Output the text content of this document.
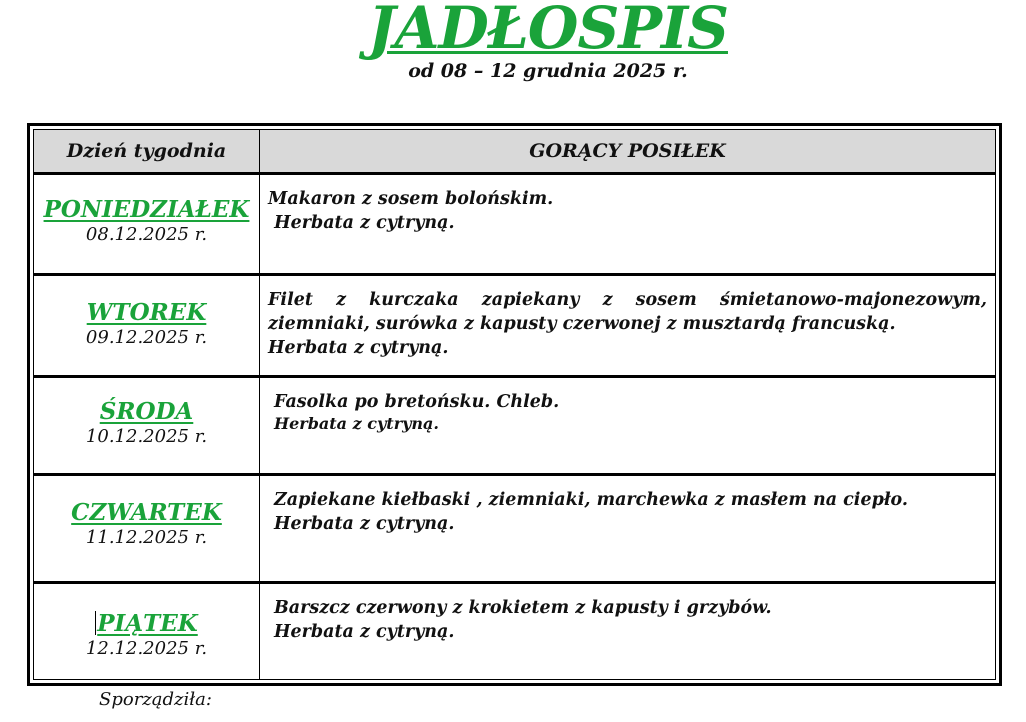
JADŁOSPIS
od 08 – 12 grudnia 2025 r.
Dzień tygodnia	GORĄCY POSIŁEK
PONIEDZIAŁEK
08.12.2025 r.
Makaron z sosem bolońskim.
Herbata z cytryną.
WTOREK
09.12.2025 r.
Filet z kurczaka zapiekany z sosem śmietanowo-majonezowym, ziemniaki, surówka z kapusty czerwonej z musztardą francuską.
Herbata z cytryną.
ŚRODA
10.12.2025 r.
Fasolka po bretońsku. Chleb.
Herbata z cytryną.
CZWARTEK
11.12.2025 r.
Zapiekane kiełbaski , ziemniaki, marchewka z masłem na ciepło.
Herbata z cytryną.
PIĄTEK
12.12.2025 r.
Barszcz czerwony z krokietem z kapusty i grzybów.
Herbata z cytryną.
Sporządziła:
